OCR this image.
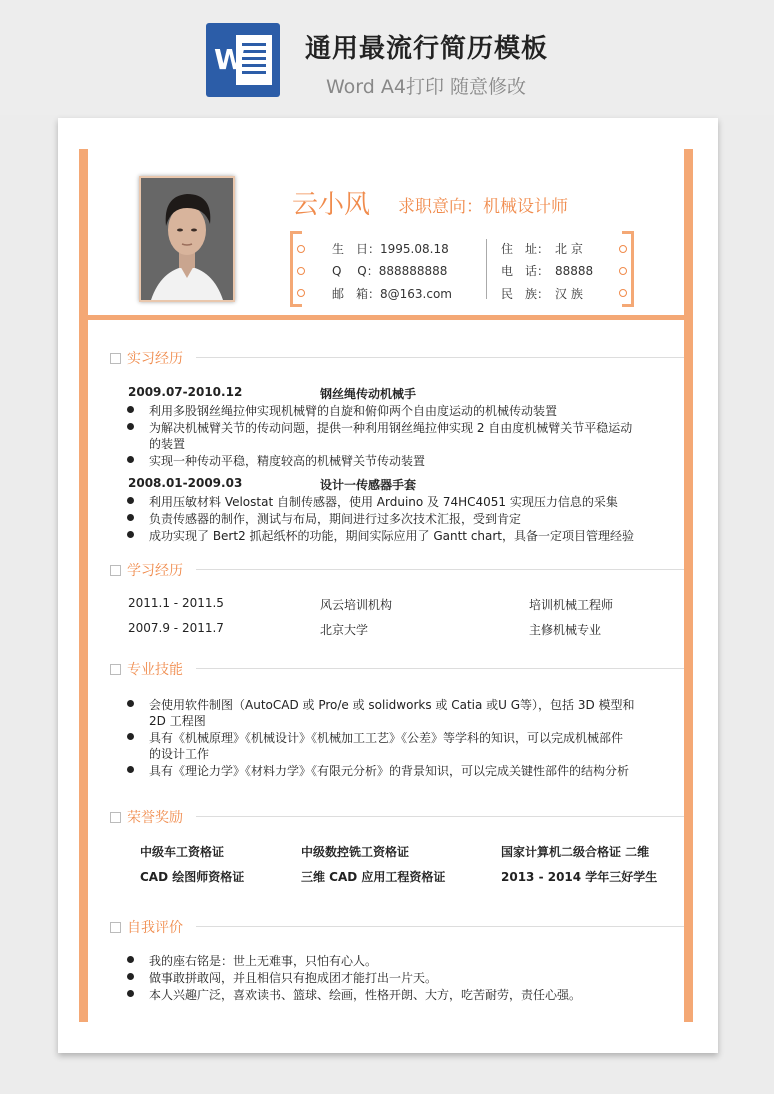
W 通用最流行简历模板
Word A4打印 随意修改
云小风 求职意向：机械设计师
生　日：1995.08.18
Q　 Q：888888888
邮　箱：8@163.com
住　址：　北 京
电　话：　88888
民　族：　汉 族
实习经历
2009.07-2010.12	钢丝绳传动机械手
利用多股钢丝绳拉伸实现机械臂的自旋和俯仰两个自由度运动的机械传动装置
为解决机械臂关节的传动问题，提供一种利用钢丝绳拉伸实现 2 自由度机械臂关节平稳运动
的装置
实现一种传动平稳，精度较高的机械臂关节传动装置
2008.01-2009.03	设计一传感器手套
利用压敏材料 Velostat 自制传感器，使用 Arduino 及 74HC4051 实现压力信息的采集
负责传感器的制作，测试与布局，期间进行过多次技术汇报，受到肯定
成功实现了 Bert2 抓起纸杯的功能，期间实际应用了 Gantt chart，具备一定项目管理经验
学习经历
2011.1 - 2011.5	风云培训机构	培训机械工程师
2007.9 - 2011.7	北京大学	主修机械专业
专业技能
会使用软件制图（AutoCAD 或 Pro/e 或 solidworks 或 Catia 或U G等），包括 3D 模型和
2D 工程图
具有《机械原理》《机械设计》《机械加工工艺》《公差》等学科的知识，可以完成机械部件
的设计工作
具有《理论力学》《材料力学》《有限元分析》的背景知识，可以完成关键性部件的结构分析
荣誉奖励
中级车工资格证	中级数控铣工资格证	国家计算机二级合格证 二维
CAD 绘图师资格证	三维 CAD 应用工程资格证	2013 - 2014 学年三好学生
自我评价
我的座右铭是：世上无难事，只怕有心人。
做事敢拼敢闯，并且相信只有抱成团才能打出一片天。
本人兴趣广泛，喜欢读书、篮球、绘画，性格开朗、大方，吃苦耐劳，责任心强。
